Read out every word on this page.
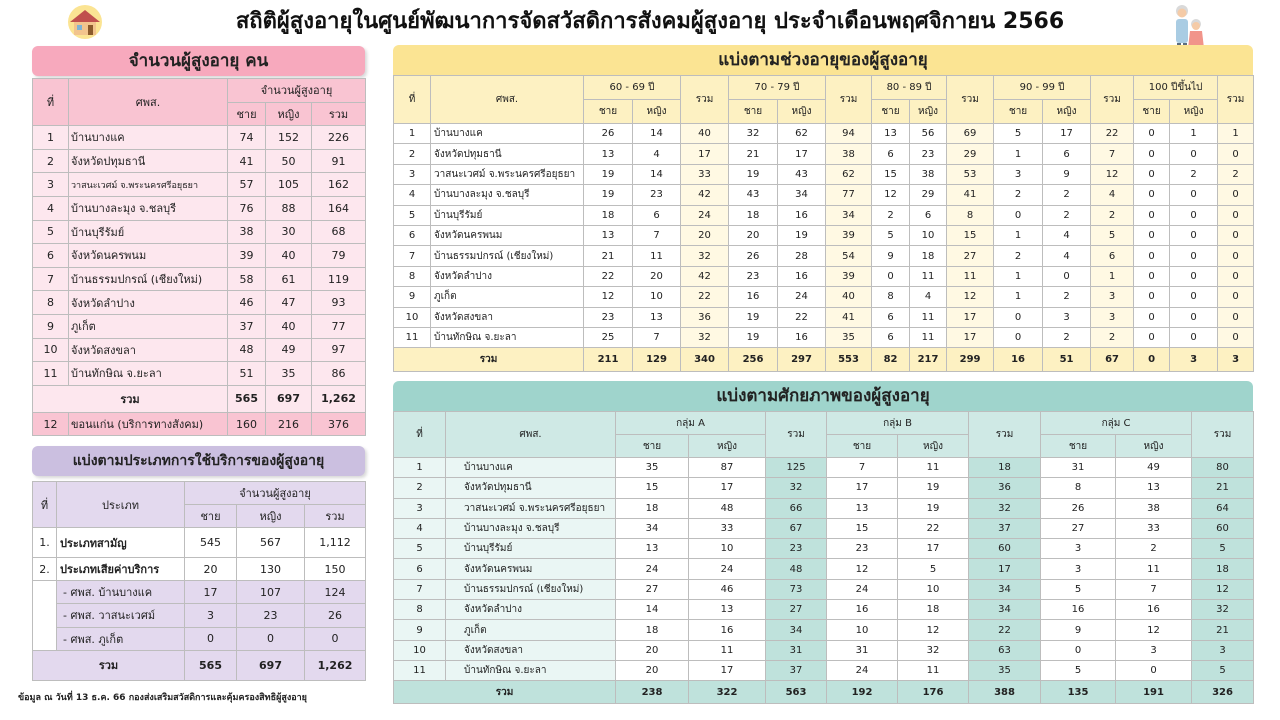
สถิติผู้สูงอายุในศูนย์พัฒนาการจัดสวัสดิการสังคมผู้สูงอายุ ประจำเดือนพฤศจิกายน 2566
จำนวนผู้สูงอายุ คน
ที่	ศพส.	จำนวนผู้สูงอายุ		
		ชาย	หญิง	รวม
1	บ้านบางแค	74	152	226
2	จังหวัดปทุมธานี	41	50	91
3	วาสนะเวศม์ จ.พระนครศรีอยุธยา	57	105	162
4	บ้านบางละมุง จ.ชลบุรี	76	88	164
5	บ้านบุรีรัมย์	38	30	68
6	จังหวัดนครพนม	39	40	79
7	บ้านธรรมปกรณ์ (เชียงใหม่)	58	61	119
8	จังหวัดลำปาง	46	47	93
9	ภูเก็ต	37	40	77
10	จังหวัดสงขลา	48	49	97
11	บ้านทักษิณ จ.ยะลา	51	35	86
รวม		565	697	1,262
12	ขอนแก่น (บริการทางสังคม)	160	216	376
แบ่งตามประเภทการใช้บริการของผู้สูงอายุ
ที่	ประเภท	จำนวนผู้สูงอายุ		
		ชาย	หญิง	รวม
1.	ประเภทสามัญ	545	567	1,112
2.	ประเภทเสียค่าบริการ	20	130	150
	- ศพส. บ้านบางแค	17	107	124
	- ศพส. วาสนะเวศม์	3	23	26
	- ศพส. ภูเก็ต	0	0	0
รวม		565	697	1,262
ข้อมูล ณ วันที่ 13 ธ.ค. 66 กองส่งเสริมสวัสดิการและคุ้มครองสิทธิผู้สูงอายุ
แบ่งตามช่วงอายุของผู้สูงอายุ
ที่	ศพส.	60 - 69 ปี		รวม	70 - 79 ปี		รวม	80 - 89 ปี		รวม	90 - 99 ปี		รวม	100 ปีขึ้นไป		รวม
		ชาย	หญิง		ชาย	หญิง		ชาย	หญิง		ชาย	หญิง		ชาย	หญิง	
1	บ้านบางแค	26	14	40	32	62	94	13	56	69	5	17	22	0	1	1
2	จังหวัดปทุมธานี	13	4	17	21	17	38	6	23	29	1	6	7	0	0	0
3	วาสนะเวศม์ จ.พระนครศรีอยุธยา	19	14	33	19	43	62	15	38	53	3	9	12	0	2	2
4	บ้านบางละมุง จ.ชลบุรี	19	23	42	43	34	77	12	29	41	2	2	4	0	0	0
5	บ้านบุรีรัมย์	18	6	24	18	16	34	2	6	8	0	2	2	0	0	0
6	จังหวัดนครพนม	13	7	20	20	19	39	5	10	15	1	4	5	0	0	0
7	บ้านธรรมปกรณ์ (เชียงใหม่)	21	11	32	26	28	54	9	18	27	2	4	6	0	0	0
8	จังหวัดลำปาง	22	20	42	23	16	39	0	11	11	1	0	1	0	0	0
9	ภูเก็ต	12	10	22	16	24	40	8	4	12	1	2	3	0	0	0
10	จังหวัดสงขลา	23	13	36	19	22	41	6	11	17	0	3	3	0	0	0
11	บ้านทักษิณ จ.ยะลา	25	7	32	19	16	35	6	11	17	0	2	2	0	0	0
รวม		211	129	340	256	297	553	82	217	299	16	51	67	0	3	3
แบ่งตามศักยภาพของผู้สูงอายุ
ที่	ศพส.	กลุ่ม A		รวม	กลุ่ม B		รวม	กลุ่ม C		รวม
		ชาย	หญิง		ชาย	หญิง		ชาย	หญิง	
1	บ้านบางแค	35	87	125	7	11	18	31	49	80
2	จังหวัดปทุมธานี	15	17	32	17	19	36	8	13	21
3	วาสนะเวศม์ จ.พระนครศรีอยุธยา	18	48	66	13	19	32	26	38	64
4	บ้านบางละมุง จ.ชลบุรี	34	33	67	15	22	37	27	33	60
5	บ้านบุรีรัมย์	13	10	23	23	17	60	3	2	5
6	จังหวัดนครพนม	24	24	48	12	5	17	3	11	18
7	บ้านธรรมปกรณ์ (เชียงใหม่)	27	46	73	24	10	34	5	7	12
8	จังหวัดลำปาง	14	13	27	16	18	34	16	16	32
9	ภูเก็ต	18	16	34	10	12	22	9	12	21
10	จังหวัดสงขลา	20	11	31	31	32	63	0	3	3
11	บ้านทักษิณ จ.ยะลา	20	17	37	24	11	35	5	0	5
รวม		238	322	563	192	176	388	135	191	326
